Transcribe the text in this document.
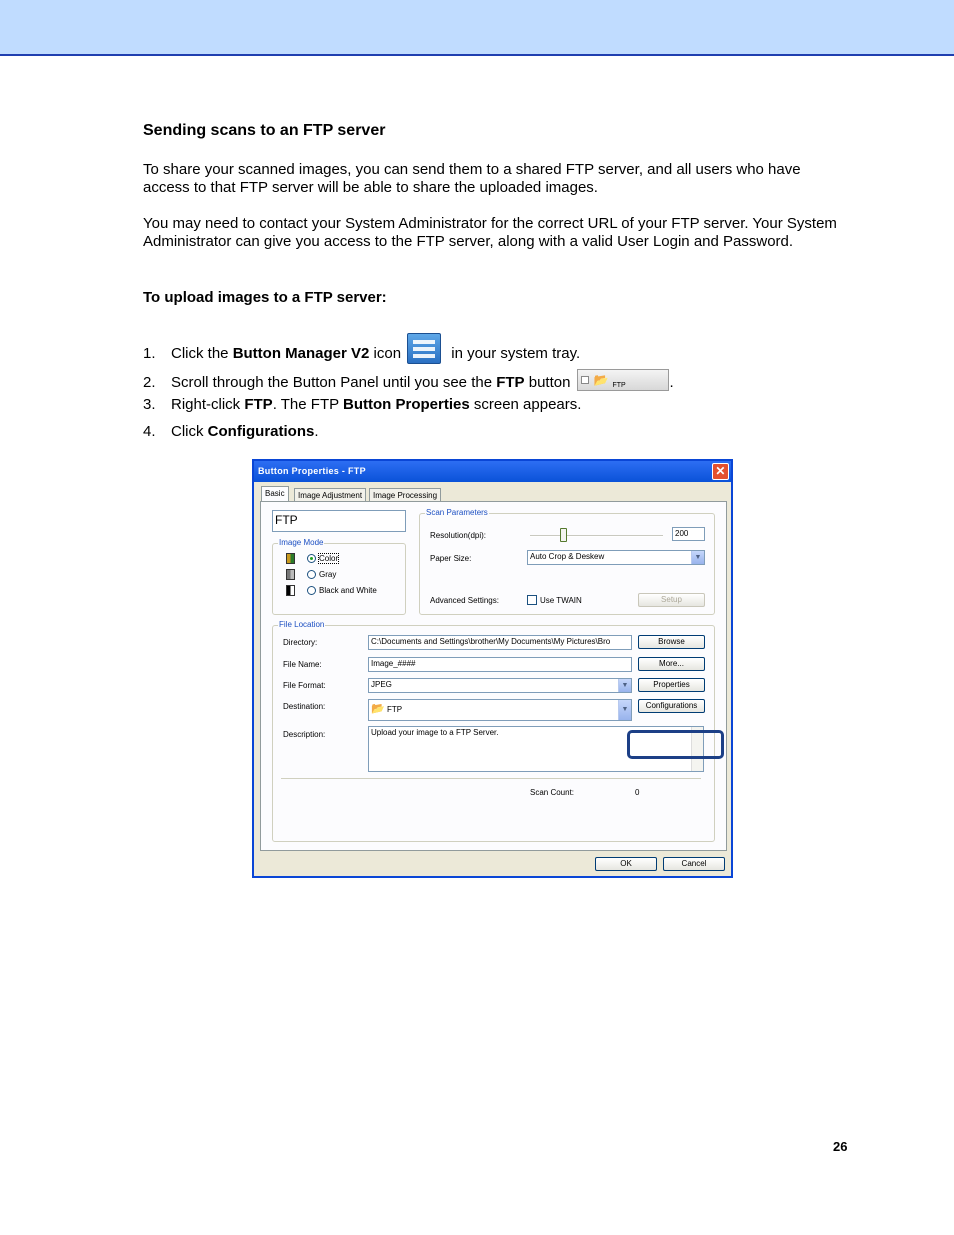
Sending scans to an FTP server
To share your scanned images, you can send them to a shared FTP server, and all users who have access to that FTP server will be able to share the uploaded images.
You may need to contact your System Administrator for the correct URL of your FTP server. Your System Administrator can give you access to the FTP server, along with a valid User Login and Password.
To upload images to a FTP server:
1. Click the Button Manager V2 icon	in your system tray.
2. Scroll through the Button Panel until you see the FTP button 📂 FTP	.
3. Right-click FTP. The FTP Button Properties screen appears.
4. Click Configurations.
Button Properties - FTP	✕
Basic	Image Adjustment	Image Processing
FTP
Image Mode
Color
Gray
Black and White
Scan Parameters
Resolution(dpi):	200
Paper Size:	Auto Crop & Deskew	▼
Advanced Settings:	Use TWAIN	Setup
File Location
Directory:	C:\Documents and Settings\brother\My Documents\My Pictures\Bro	Browse
File Name:	Image_####	More...
File Format:	JPEG	▼	Properties
Destination:	📂 FTP	▼	Configurations
Description:	Upload your image to a FTP Server.
Scan Count:	0
OK	Cancel
26
